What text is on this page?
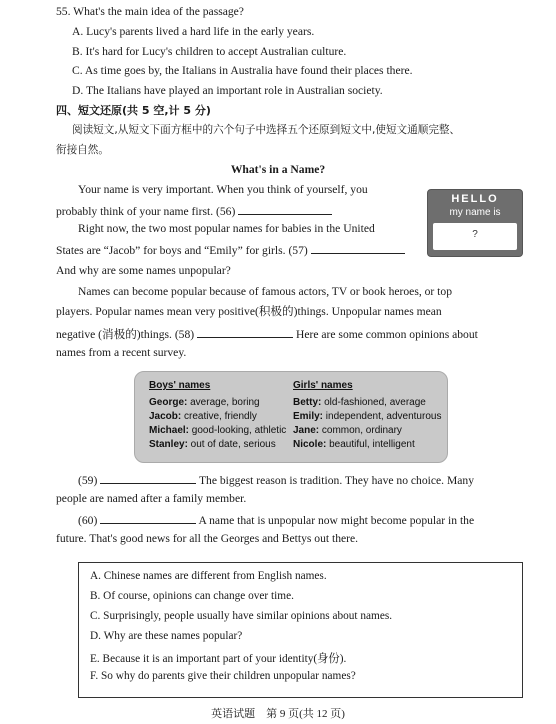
55. What's the main idea of the passage?
A. Lucy's parents lived a hard life in the early years.
B. It's hard for Lucy's children to accept Australian culture.
C. As time goes by, the Italians in Australia have found their places there.
D. The Italians have played an important role in Australian society.
四、短文还原(共 5 空,计 5 分)
阅读短文,从短文下面方框中的六个句子中选择五个还原到短文中,使短文通顺完整、
衔接自然。
What's in a Name?
Your name is very important. When you think of yourself, you
probably think of your name first. (56)
HELLO
my name is
?
Right now, the two most popular names for babies in the United
States are “Jacob” for boys and “Emily” for girls. (57)
And why are some names unpopular?
Names can become popular because of famous actors, TV or book heroes, or top
players. Popular names mean very positive(积极的)things. Unpopular names mean
negative (消极的)things. (58)	Here are some common opinions about
names from a recent survey.
Boys' names
George: average, boring
Jacob: creative, friendly
Michael: good-looking, athletic
Stanley: out of date, serious
Girls' names
Betty: old-fashioned, average
Emily: independent, adventurous
Jane: common, ordinary
Nicole: beautiful, intelligent
(59)	The biggest reason is tradition. They have no choice. Many
people are named after a family member.
(60)	A name that is unpopular now might become popular in the
future. That's good news for all the Georges and Bettys out there.
A. Chinese names are different from English names.
B. Of course, opinions can change over time.
C. Surprisingly, people usually have similar opinions about names.
D. Why are these names popular?
E. Because it is an important part of your identity(身份).
F. So why do parents give their children unpopular names?
英语试题　第 9 页(共 12 页)
